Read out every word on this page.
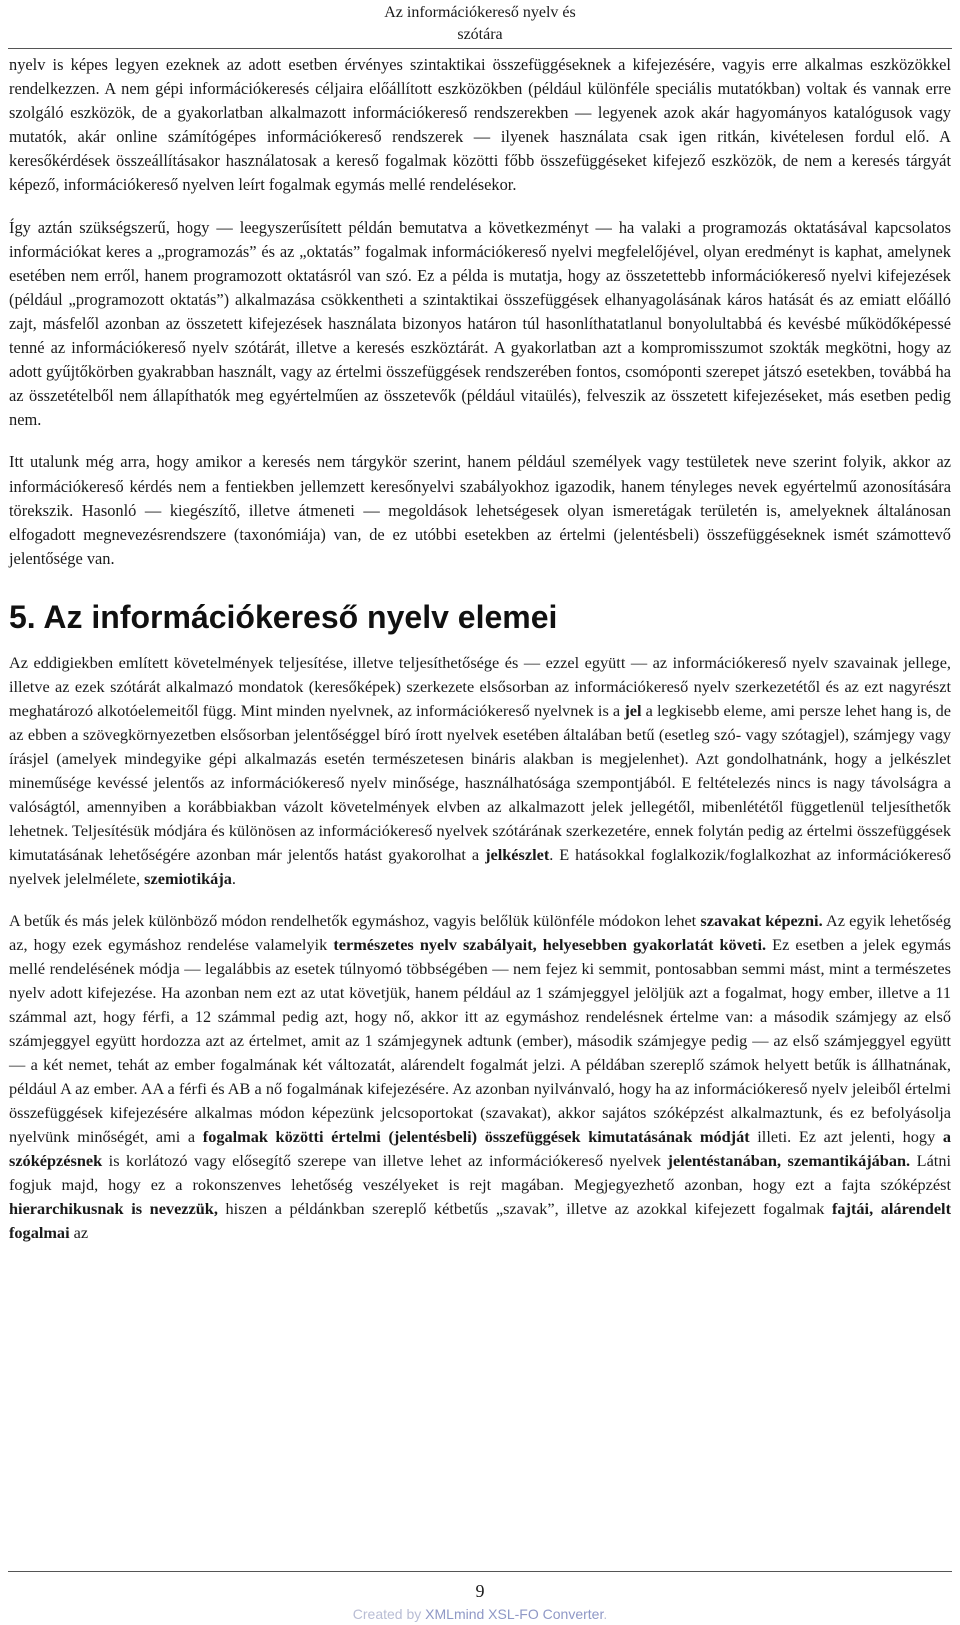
Az információkereső nyelv és
szótára

nyelv is képes legyen ezeknek az adott esetben érvényes szintaktikai összefüggéseknek a kifejezésére, vagyis erre alkalmas eszközökkel rendelkezzen. A nem gépi információkeresés céljaira előállított eszközökben (például különféle speciális mutatókban) voltak és vannak erre szolgáló eszközök, de a gyakorlatban alkalmazott információkereső rendszerekben — legyenek azok akár hagyományos katalógusok vagy mutatók, akár online számítógépes információkereső rendszerek — ilyenek használata csak igen ritkán, kivételesen fordul elő. A keresőkérdések összeállításakor használatosak a kereső fogalmak közötti főbb összefüggéseket kifejező eszközök, de nem a keresés tárgyát képező, információkereső nyelven leírt fogalmak egymás mellé rendelésekor.

Így aztán szükségszerű, hogy — leegyszerűsített példán bemutatva a következményt — ha valaki a programozás oktatásával kapcsolatos információkat keres a „programozás” és az „oktatás” fogalmak információkereső nyelvi megfelelőjével, olyan eredményt is kaphat, amelynek esetében nem erről, hanem programozott oktatásról van szó. Ez a példa is mutatja, hogy az összetettebb információkereső nyelvi kifejezések (például „programozott oktatás”) alkalmazása csökkentheti a szintaktikai összefüggések elhanyagolásának káros hatását és az emiatt előálló zajt, másfelől azonban az összetett kifejezések használata bizonyos határon túl hasonlíthatatlanul bonyolultabbá és kevésbé működőképessé tenné az információkereső nyelv szótárát, illetve a keresés eszköztárát. A gyakorlatban azt a kompromisszumot szokták megkötni, hogy az adott gyűjtőkörben gyakrabban használt, vagy az értelmi összefüggések rendszerében fontos, csomóponti szerepet játszó esetekben, továbbá ha az összetételből nem állapíthatók meg egyértelműen az összetevők (például vitaülés), felveszik az összetett kifejezéseket, más esetben pedig nem.

Itt utalunk még arra, hogy amikor a keresés nem tárgykör szerint, hanem például személyek vagy testületek neve szerint folyik, akkor az információkereső kérdés nem a fentiekben jellemzett keresőnyelvi szabályokhoz igazodik, hanem tényleges nevek egyértelmű azonosítására törekszik. Hasonló — kiegészítő, illetve átmeneti — megoldások lehetségesek olyan ismeretágak területén is, amelyeknek általánosan elfogadott megnevezésrendszere (taxonómiája) van, de ez utóbbi esetekben az értelmi (jelentésbeli) összefüggéseknek ismét számottevő jelentősége van.

5. Az információkereső nyelv elemei

Az eddigiekben említett követelmények teljesítése, illetve teljesíthetősége és — ezzel együtt — az információkereső nyelv szavainak jellege, illetve az ezek szótárát alkalmazó mondatok (keresőképek) szerkezete elsősorban az információkereső nyelv szerkezetétől és az ezt nagyrészt meghatározó alkotóelemeitől függ. Mint minden nyelvnek, az információkereső nyelvnek is a jel a legkisebb eleme, ami persze lehet hang is, de az ebben a szövegkörnyezetben elsősorban jelentőséggel bíró írott nyelvek esetében általában betű (esetleg szó- vagy szótagjel), számjegy vagy írásjel (amelyek mindegyike gépi alkalmazás esetén természetesen bináris alakban is megjelenhet). Azt gondolhatnánk, hogy a jelkészlet mineműsége kevéssé jelentős az információkereső nyelv minősége, használhatósága szempontjából. E feltételezés nincs is nagy távolságra a valóságtól, amennyiben a korábbiakban vázolt követelmények elvben az alkalmazott jelek jellegétől, mibenlététől függetlenül teljesíthetők lehetnek. Teljesítésük módjára és különösen az információkereső nyelvek szótárának szerkezetére, ennek folytán pedig az értelmi összefüggések kimutatásának lehetőségére azonban már jelentős hatást gyakorolhat a jelkészlet. E hatásokkal foglalkozik/foglalkozhat az információkereső nyelvek jelelmélete, szemiotikája.

A betűk és más jelek különböző módon rendelhetők egymáshoz, vagyis belőlük különféle módokon lehet szavakat képezni. Az egyik lehetőség az, hogy ezek egymáshoz rendelése valamelyik természetes nyelv szabályait, helyesebben gyakorlatát követi. Ez esetben a jelek egymás mellé rendelésének módja — legalábbis az esetek túlnyomó többségében — nem fejez ki semmit, pontosabban semmi mást, mint a természetes nyelv adott kifejezése. Ha azonban nem ezt az utat követjük, hanem például az 1 számjeggyel jelöljük azt a fogalmat, hogy ember, illetve a 11 számmal azt, hogy férfi, a 12 számmal pedig azt, hogy nő, akkor itt az egymáshoz rendelésnek értelme van: a második számjegy az első számjeggyel együtt hordozza azt az értelmet, amit az 1 számjegynek adtunk (ember), második számjegye pedig — az első számjeggyel együtt — a két nemet, tehát az ember fogalmának két változatát, alárendelt fogalmát jelzi. A példában szereplő számok helyett betűk is állhatnának, például A az ember. AA a férfi és AB a nő fogalmának kifejezésére. Az azonban nyilvánvaló, hogy ha az információkereső nyelv jeleiből értelmi összefüggések kifejezésére alkalmas módon képezünk jelcsoportokat (szavakat), akkor sajátos szóképzést alkalmaztunk, és ez befolyásolja nyelvünk minőségét, ami a fogalmak közötti értelmi (jelentésbeli) összefüggések kimutatásának módját illeti. Ez azt jelenti, hogy a szóképzésnek is korlátozó vagy elősegítő szerepe van illetve lehet az információkereső nyelvek jelentéstanában, szemantikájában. Látni fogjuk majd, hogy ez a rokonszenves lehetőség veszélyeket is rejt magában. Megjegyezhető azonban, hogy ezt a fajta szóképzést hierarchikusnak is nevezzük, hiszen a példánkban szereplő kétbetűs „szavak”, illetve az azokkal kifejezett fogalmak fajtái, alárendelt fogalmai az

9
Created by XMLmind XSL-FO Converter.
